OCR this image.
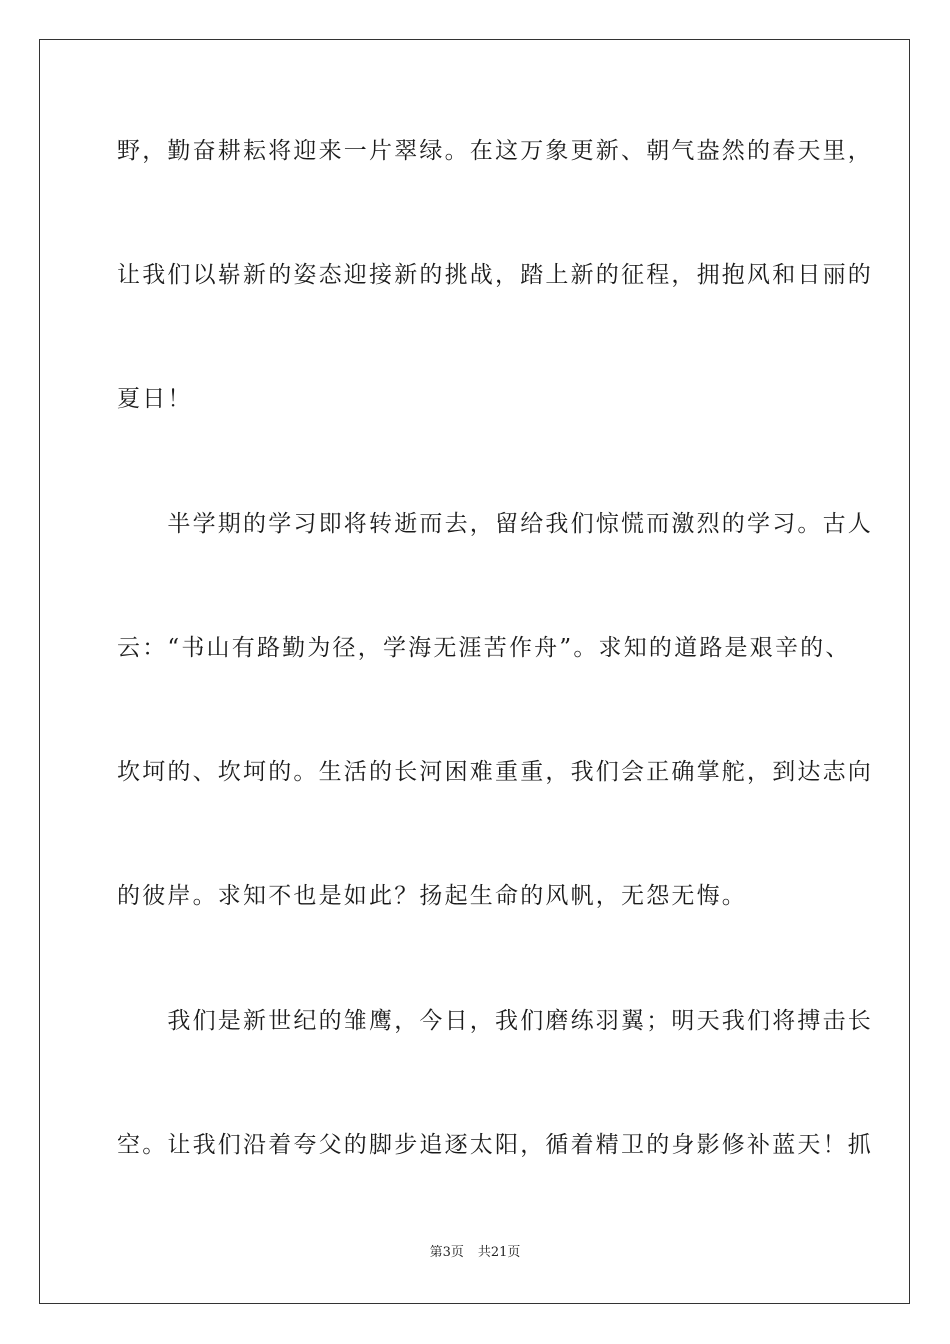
野，勤奋耕耘将迎来一片翠绿。在这万象更新、朝气盎然的春天里，
让我们以崭新的姿态迎接新的挑战，踏上新的征程，拥抱风和日丽的
夏日！
　　半学期的学习即将转逝而去，留给我们惊慌而激烈的学习。古人
云：“书山有路勤为径，学海无涯苦作舟”。求知的道路是艰辛的、
坎坷的、坎坷的。生活的长河困难重重，我们会正确掌舵，到达志向
的彼岸。求知不也是如此？扬起生命的风帆，无怨无悔。
　　我们是新世纪的雏鹰，今日，我们磨练羽翼；明天我们将搏击长
空。让我们沿着夸父的脚步追逐太阳，循着精卫的身影修补蓝天！抓
第3页 共21页
